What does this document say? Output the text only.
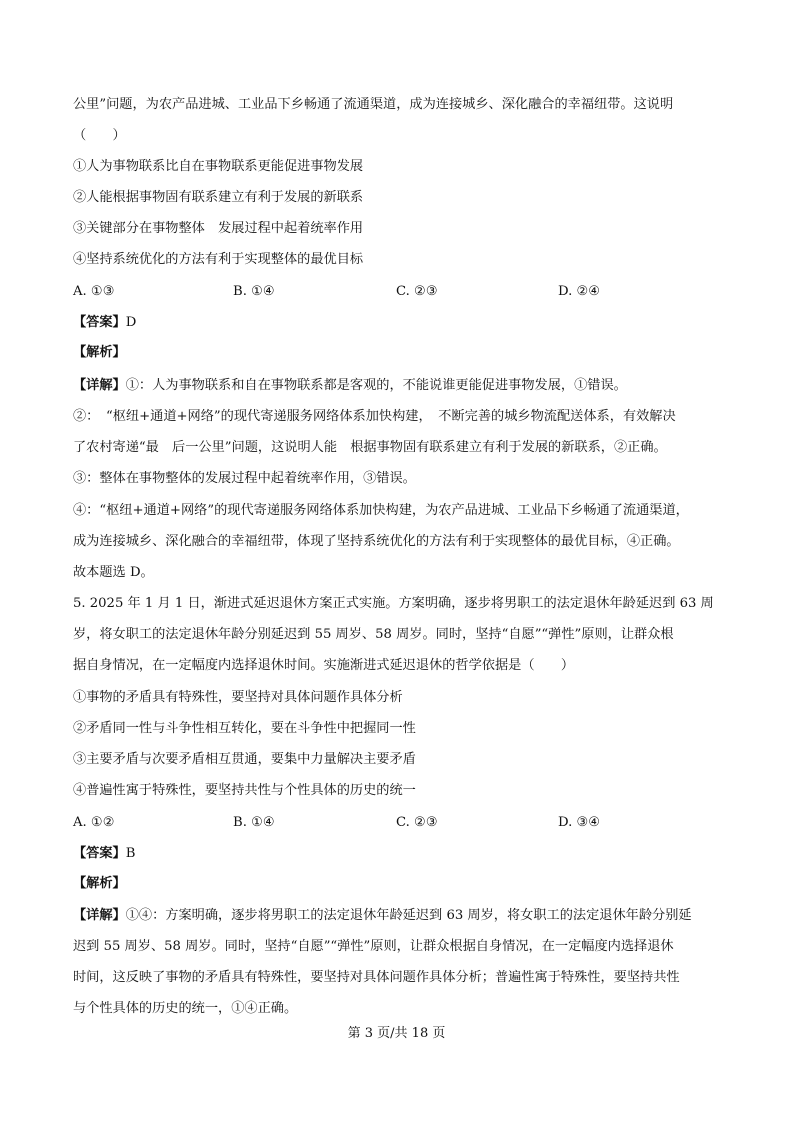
公里”问题，为农产品进城、工业品下乡畅通了流通渠道，成为连接城乡、深化融合的幸福纽带。这说明
（　　）
①人为事物联系比自在事物联系更能促进事物发展
②人能根据事物固有联系建立有利于发展的新联系
③关键部分在事物整体　发展过程中起着统率作用
④坚持系统优化的方法有利于实现整体的最优目标
A. ①③	B. ①④	C. ②③	D. ②④
【答案】D
【解析】
【详解】①：人为事物联系和自在事物联系都是客观的，不能说谁更能促进事物发展，①错误。
②：　“枢纽+通道+网络”的现代寄递服务网络体系加快构建，　不断完善的城乡物流配送体系，有效解决
了农村寄递“最　后一公里”问题，这说明人能　根据事物固有联系建立有利于发展的新联系，②正确。
③：整体在事物整体的发展过程中起着统率作用，③错误。
④：“枢纽+通道+网络”的现代寄递服务网络体系加快构建，为农产品进城、工业品下乡畅通了流通渠道，
成为连接城乡、深化融合的幸福纽带，体现了坚持系统优化的方法有利于实现整体的最优目标，④正确。
故本题选 D。
5. 2025 年 1 月 1 日，渐进式延迟退休方案正式实施。方案明确，逐步将男职工的法定退休年龄延迟到 63 周
岁，将女职工的法定退休年龄分别延迟到 55 周岁、58 周岁。同时，坚持“自愿”“弹性”原则，让群众根
据自身情况，在一定幅度内选择退休时间。实施渐进式延迟退休的哲学依据是（　　）
①事物的矛盾具有特殊性，要坚持对具体问题作具体分析
②矛盾同一性与斗争性相互转化，要在斗争性中把握同一性
③主要矛盾与次要矛盾相互贯通，要集中力量解决主要矛盾
④普遍性寓于特殊性，要坚持共性与个性具体的历史的统一
A. ①②	B. ①④	C. ②③	D. ③④
【答案】B
【解析】
【详解】①④：方案明确，逐步将男职工的法定退休年龄延迟到 63 周岁，将女职工的法定退休年龄分别延
迟到 55 周岁、58 周岁。同时，坚持“自愿”“弹性”原则，让群众根据自身情况，在一定幅度内选择退休
时间，这反映了事物的矛盾具有特殊性，要坚持对具体问题作具体分析；普遍性寓于特殊性，要坚持共性
与个性具体的历史的统一，①④正确。
第 3 页/共 18 页
